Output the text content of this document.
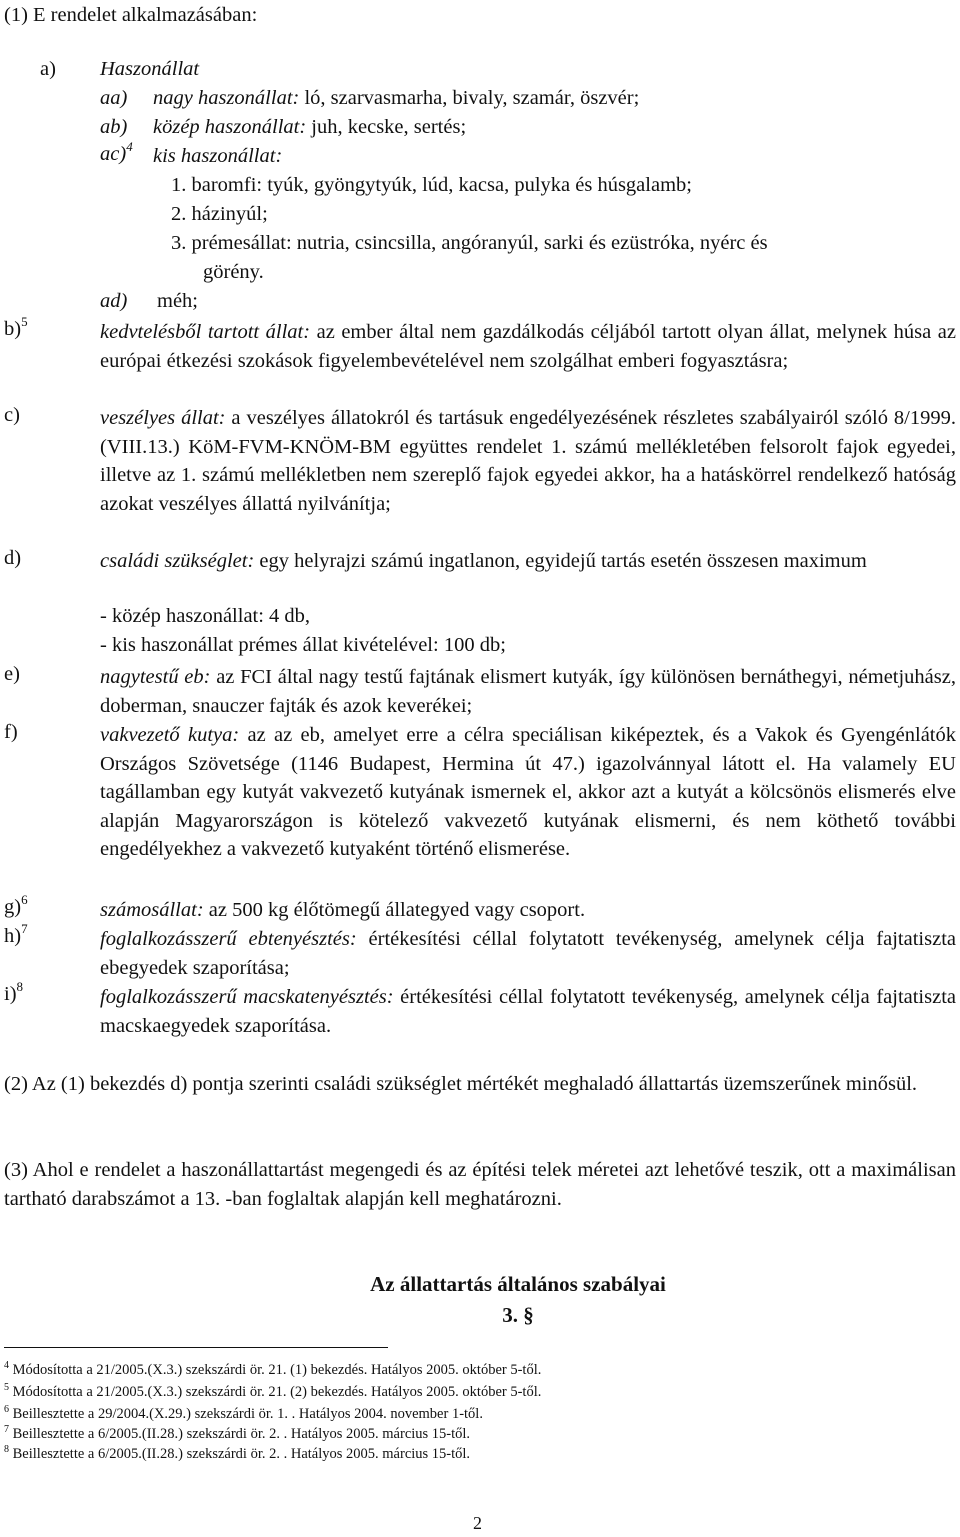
(1) E rendelet alkalmazásában:
a) Haszonállat
aa) nagy haszonállat: ló, szarvasmarha, bivaly, szamár, öszvér;
ab) közép haszonállat: juh, kecske, sertés;
ac)$^4$ kis haszonállat:
1. baromfi: tyúk, gyöngytyúk, lúd, kacsa, pulyka és húsgalamb;
2. házinyúl;
3. prémesállat: nutria, csincsilla, angóranyúl, sarki és ezüstróka, nyérc és
görény.
ad) méh;
b)$^5$	kedvtelésből tartott állat: az ember által nem gazdálkodás céljából tartott olyan állat, melynek húsa az európai étkezési szokások figyelembevételével nem szolgálhat emberi fogyasztásra;
c)	veszélyes állat: a veszélyes állatokról és tartásuk engedélyezésének részletes szabályairól szóló 8/1999.(VIII.13.) KöM-FVM-KNÖM-BM együttes rendelet 1. számú mellékletében felsorolt fajok egyedei, illetve az 1. számú mellékletben nem szereplő fajok egyedei akkor, ha a hatáskörrel rendelkező hatóság azokat veszélyes állattá nyilvánítja;
d)	családi szükséglet: egy helyrajzi számú ingatlanon, egyidejű tartás esetén összesen maximum
- közép haszonállat: 4 db,
- kis haszonállat prémes állat kivételével: 100 db;
e)	nagytestű eb: az FCI által nagy testű fajtának elismert kutyák, így különösen bernáthegyi, németjuhász, doberman, snauczer fajták és azok keverékei;
f)	vakvezető kutya: az az eb, amelyet erre a célra speciálisan kiképeztek, és a Vakok és Gyengénlátók Országos Szövetsége (1146 Budapest, Hermina út 47.) igazolvánnyal látott el. Ha valamely EU tagállamban egy kutyát vakvezető kutyának ismernek el, akkor azt a kutyát a kölcsönös elismerés elve alapján Magyarországon is kötelező vakvezető kutyának elismerni, és nem köthető további engedélyekhez a vakvezető kutyaként történő elismerése.
g)$^6$	számosállat: az 500 kg élőtömegű állategyed vagy csoport.
h)$^7$	foglalkozásszerű ebtenyésztés: értékesítési céllal folytatott tevékenység, amelynek célja fajtatiszta ebegyedek szaporítása;
i)$^8$	foglalkozásszerű macskatenyésztés: értékesítési céllal folytatott tevékenység, amelynek célja fajtatiszta macskaegyedek szaporítása.
(2) Az (1) bekezdés d) pontja szerinti családi szükséglet mértékét meghaladó állattartás üzemszerűnek minősül.
(3) Ahol e rendelet a haszonállattartást megengedi és az építési telek méretei azt lehetővé teszik, ott a maximálisan tartható darabszámot a 13. -ban foglaltak alapján kell meghatározni.
Az állattartás általános szabályai
3. §
$^4$ Módosította a 21/2005.(X.3.) szekszárdi ör. 21. (1) bekezdés. Hatályos 2005. október 5-től.
$^5$ Módosította a 21/2005.(X.3.) szekszárdi ör. 21. (2) bekezdés. Hatályos 2005. október 5-től.
$^6$ Beillesztette a 29/2004.(X.29.) szekszárdi ör. 1. . Hatályos 2004. november 1-től.
$^7$ Beillesztette a 6/2005.(II.28.) szekszárdi ör. 2. . Hatályos 2005. március 15-től.
$^8$ Beillesztette a 6/2005.(II.28.) szekszárdi ör. 2. . Hatályos 2005. március 15-től.
2
